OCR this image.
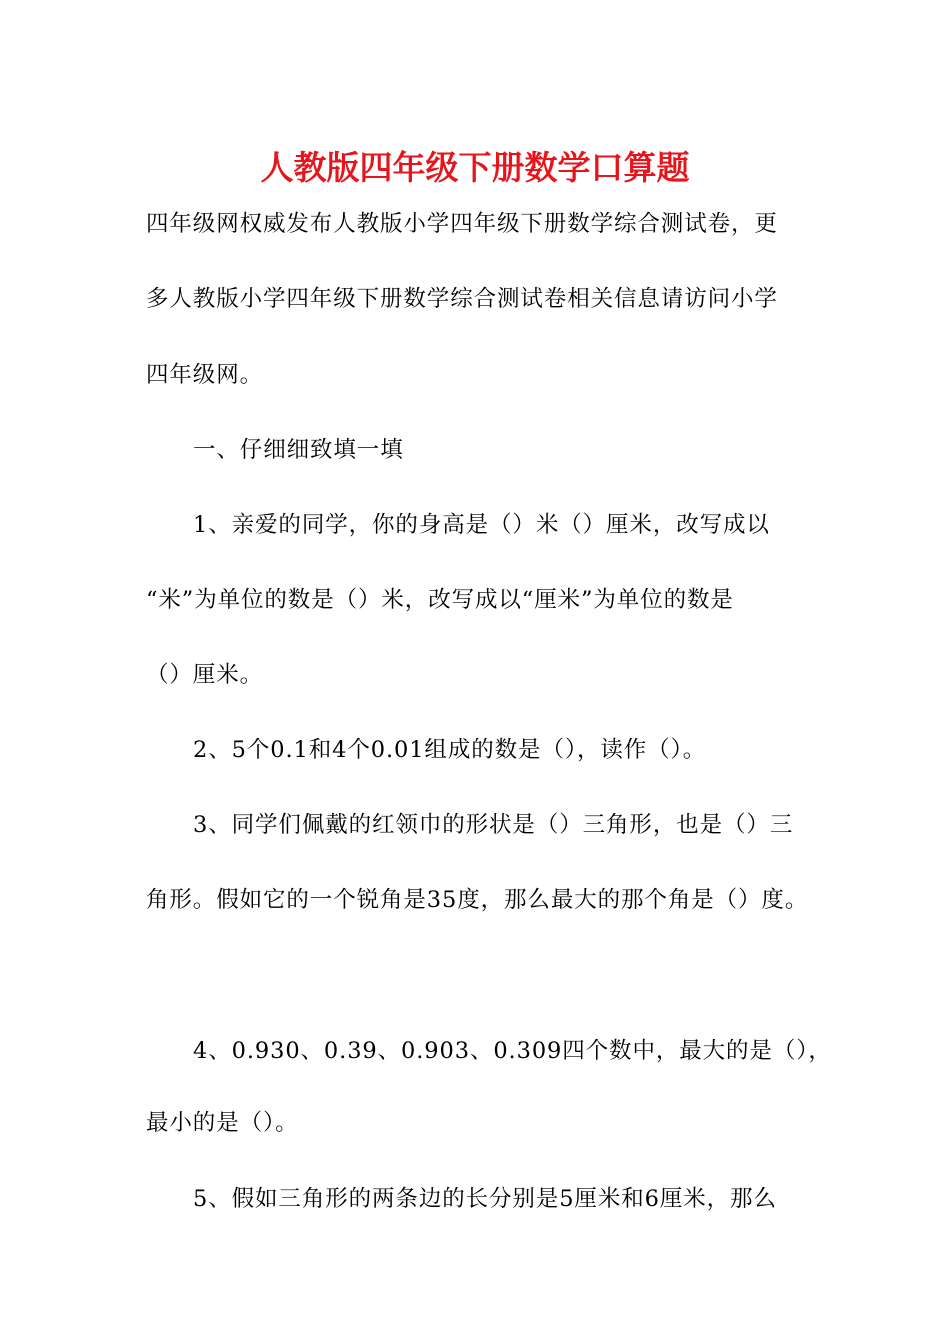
人教版四年级下册数学口算题
四年级网权威发布人教版小学四年级下册数学综合测试卷，更
多人教版小学四年级下册数学综合测试卷相关信息请访问小学
四年级网。
一、仔细细致填一填
1、亲爱的同学，你的身高是（）米（）厘米，改写成以
“米”为单位的数是（）米，改写成以“厘米”为单位的数是
（）厘米。
2、5个0.1和4个0.01组成的数是（），读作（）。
3、同学们佩戴的红领巾的形状是（）三角形，也是（）三
角形。假如它的一个锐角是35度，那么最大的那个角是（）度。
4、0.930、0.39、0.903、0.309四个数中，最大的是（），
最小的是（）。
5、假如三角形的两条边的长分别是5厘米和6厘米，那么
